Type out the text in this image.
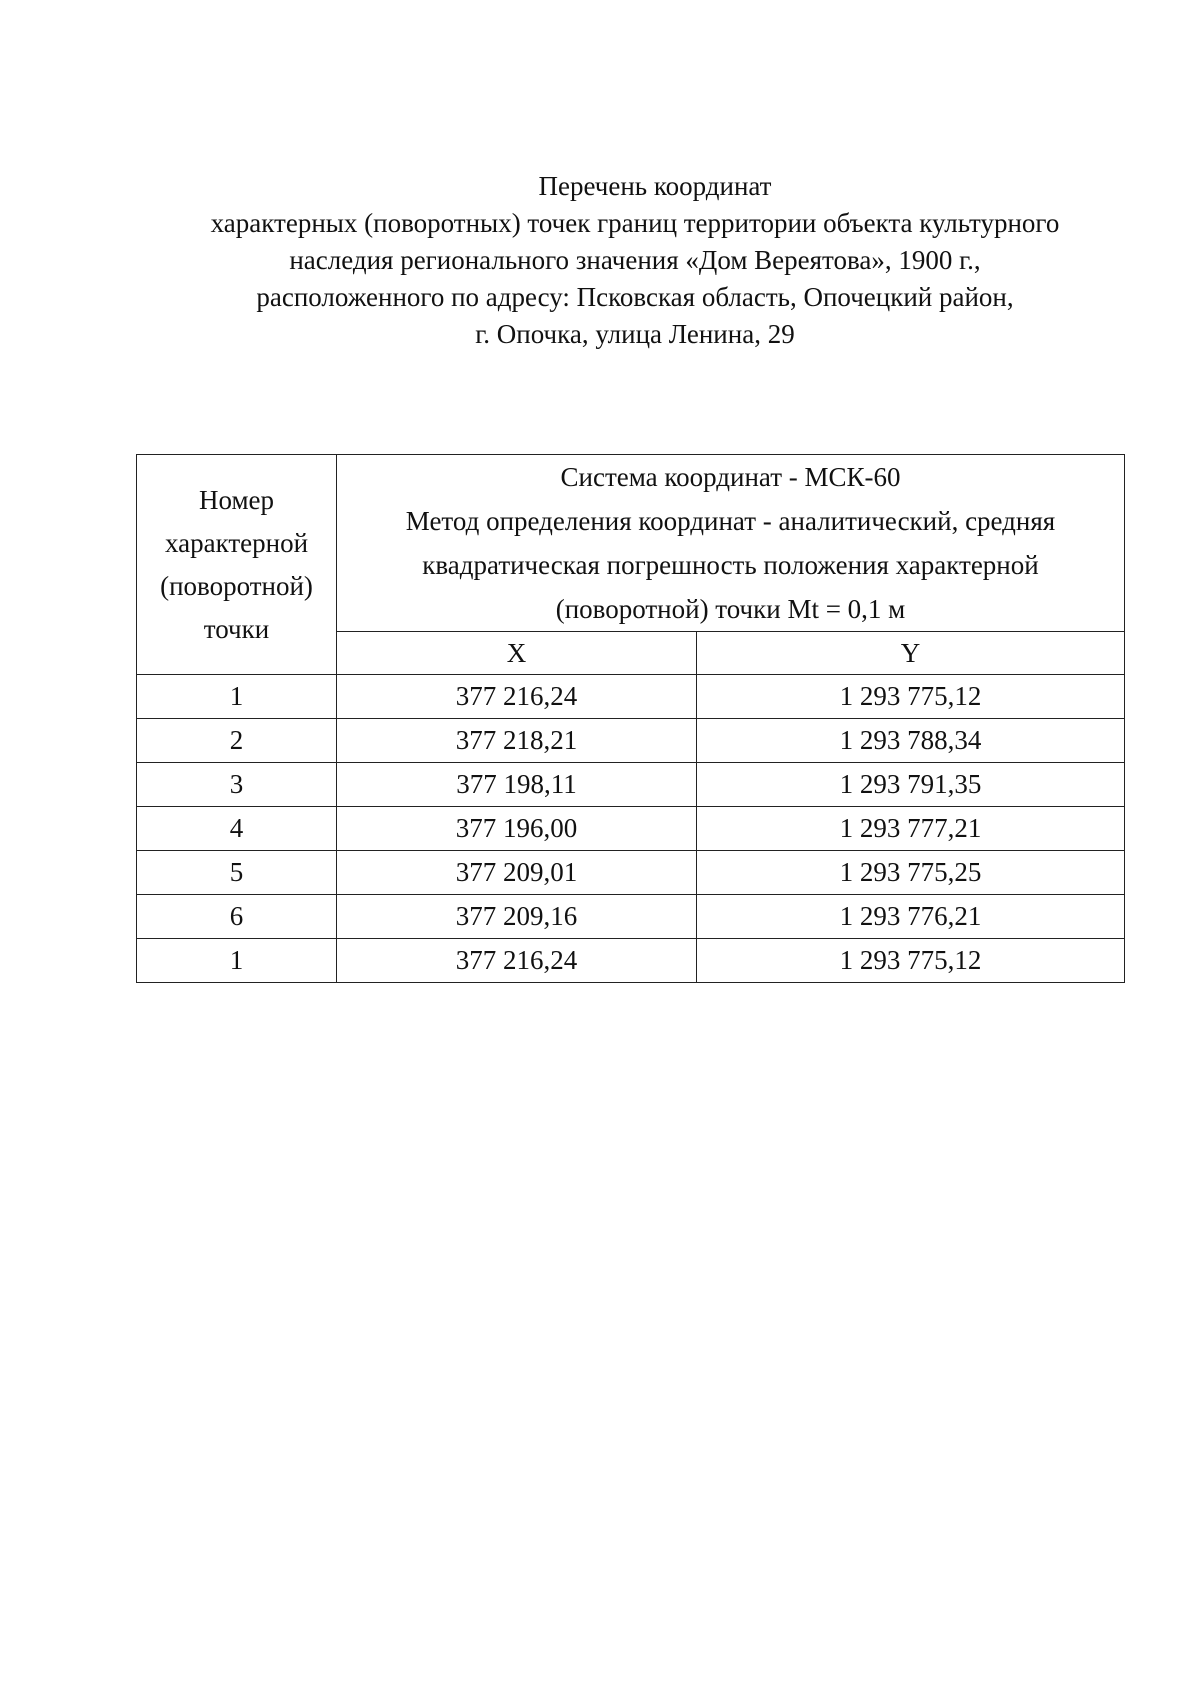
Перечень координат
характерных (поворотных) точек границ территории объекта культурного
наследия регионального значения «Дом Вереятова», 1900 г.,
расположенного по адресу: Псковская область, Опочецкий район,
г. Опочка, улица Ленина, 29
Номер
характерной
(поворотной)
точки	Система координат - МСК-60
Метод определения координат - аналитический, средняя
квадратическая погрешность положения характерной
(поворотной) точки Mt = 0,1 м	

	X	Y
1	377 216,24	1 293 775,12
2	377 218,21	1 293 788,34
3	377 198,11	1 293 791,35
4	377 196,00	1 293 777,21
5	377 209,01	1 293 775,25
6	377 209,16	1 293 776,21
1	377 216,24	1 293 775,12
